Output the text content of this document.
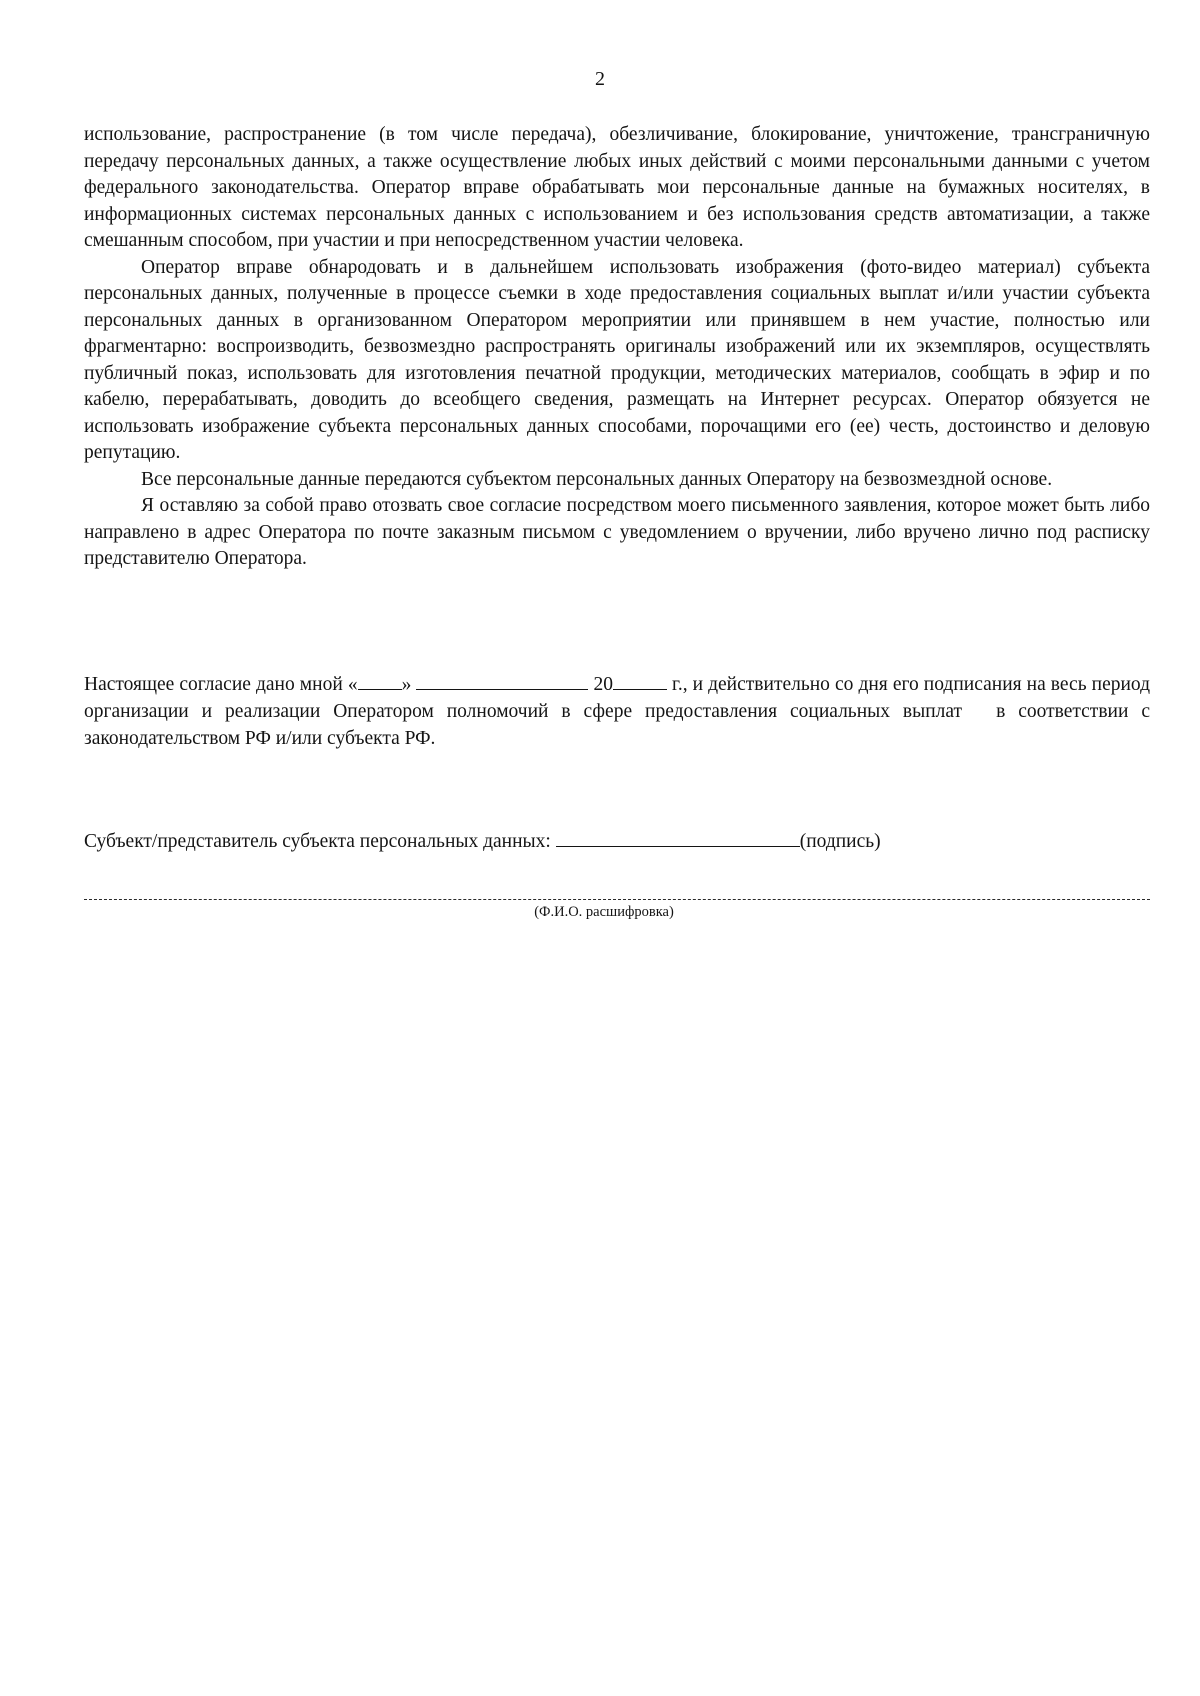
2

использование, распространение (в том числе передача), обезличивание, блокирование, уничтожение, трансграничную передачу персональных данных, а также осуществление любых иных действий с моими персональными данными с учетом федерального законодательства. Оператор вправе обрабатывать мои персональные данные на бумажных носителях, в информационных системах персональных данных с использованием и без использования средств автоматизации, а также смешанным способом, при участии и при непосредственном участии человека.

Оператор вправе обнародовать и в дальнейшем использовать изображения (фото-видео материал) субъекта персональных данных, полученные в процессе съемки в ходе предоставления социальных выплат и/или участии субъекта персональных данных в организованном Оператором мероприятии или принявшем в нем участие, полностью или фрагментарно: воспроизводить, безвозмездно распространять оригиналы изображений или их экземпляров, осуществлять публичный показ, использовать для изготовления печатной продукции, методических материалов, сообщать в эфир и по кабелю, перерабатывать, доводить до всеобщего сведения, размещать на Интернет ресурсах. Оператор обязуется не использовать изображение субъекта персональных данных способами, порочащими его (ее) честь, достоинство и деловую репутацию.

Все персональные данные передаются субъектом персональных данных Оператору на безвозмездной основе.

Я оставляю за собой право отозвать свое согласие посредством моего письменного заявления, которое может быть либо направлено в адрес Оператора по почте заказным письмом с уведомлением о вручении, либо вручено лично под расписку представителю Оператора.

Настоящее согласие дано мной « »	20	г., и действительно со дня его подписания на весь период организации и реализации Оператором полномочий в сфере предоставления социальных выплат в соответствии с законодательством РФ и/или субъекта РФ.

Субъект/представитель субъекта персональных данных:	(подпись)

(Ф.И.О. расшифровка)
